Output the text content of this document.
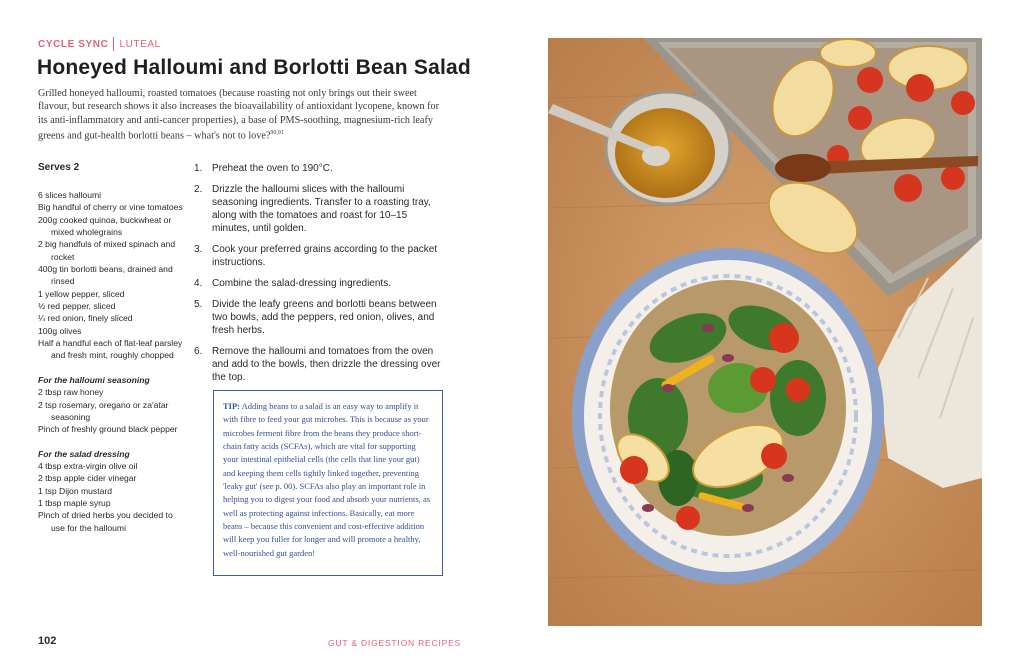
CYCLE SYNC LUTEAL
Honeyed Halloumi and Borlotti Bean Salad
Grilled honeyed halloumi, roasted tomatoes (because roasting not only brings out their sweet flavour, but research shows it also increases the bioavailability of antioxidant lycopene, known for its anti-inflammatory and anti-cancer properties), a base of PMS-soothing, magnesium-rich leafy greens and gut-health borlotti beans – what's not to love?$^{90,91}$
Serves 2
6 slices halloumi
Big handful of cherry or vine tomatoes
200g cooked quinoa, buckwheat or mixed wholegrains
2 big handfuls of mixed spinach and rocket
400g tin borlotti beans, drained and rinsed
1 yellow pepper, sliced
½ red pepper, sliced
¼ red onion, finely sliced
100g olives
Half a handful each of flat-leaf parsley and fresh mint, roughly chopped
For the halloumi seasoning
2 tbsp raw honey
2 tsp rosemary, oregano or za'atar seasoning
Pinch of freshly ground black pepper
For the salad dressing
4 tbsp extra-virgin olive oil
2 tbsp apple cider vinegar
1 tsp Dijon mustard
1 tbsp maple syrup
Pinch of dried herbs you decided to use for the halloumi
1. Preheat the oven to 190°C.
2. Drizzle the halloumi slices with the halloumi seasoning ingredients. Transfer to a roasting tray, along with the tomatoes and roast for 10–15 minutes, until golden.
3. Cook your preferred grains according to the packet instructions.
4. Combine the salad-dressing ingredients.
5. Divide the leafy greens and borlotti beans between two bowls, add the peppers, red onion, olives, and fresh herbs.
6. Remove the halloumi and tomatoes from the oven and add to the bowls, then drizzle the dressing over the top.
TIP: Adding beans to a salad is an easy way to amplify it with fibre to feed your gut microbes. This is because as your microbes ferment fibre from the beans they produce short-chain fatty acids (SCFAs), which are vital for supporting your intestinal epithelial cells (the cells that line your gut) and keeping them cells tightly linked together, preventing 'leaky gut' (see p. 00). SCFAs also play an important role in helping you to digest your food and absorb your nutrients, as well as protecting against infections. Basically, eat more beans – because this convenient and cost-effective addition will keep you fuller for longer and will promote a healthy, well-nourished gut garden!
102	GUT & DIGESTION RECIPES
